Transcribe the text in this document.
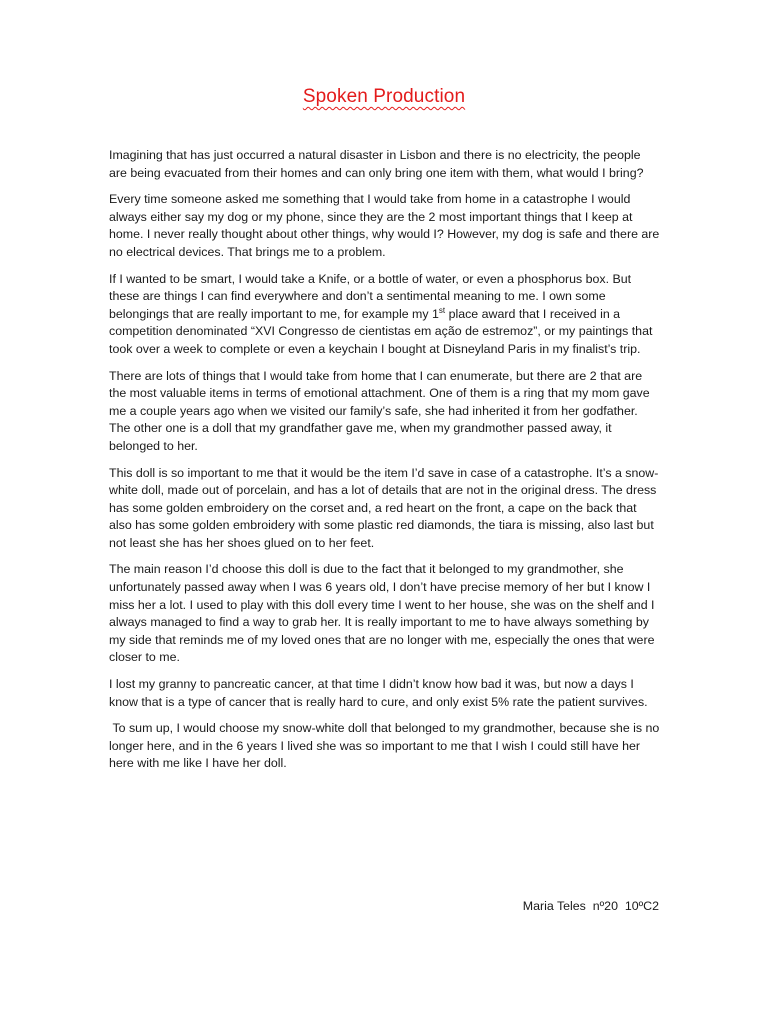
Spoken Production

Imagining that has just occurred a natural disaster in Lisbon and there is no electricity, the people are being evacuated from their homes and can only bring one item with them, what would I bring?

Every time someone asked me something that I would take from home in a catastrophe I would always either say my dog or my phone, since they are the 2 most important things that I keep at home. I never really thought about other things, why would I? However, my dog is safe and there are no electrical devices. That brings me to a problem.

If I wanted to be smart, I would take a Knife, or a bottle of water, or even a phosphorus box. But these are things I can find everywhere and don’t a sentimental meaning to me. I own some belongings that are really important to me, for example my 1st place award that I received in a competition denominated “XVI Congresso de cientistas em ação de estremoz”, or my paintings that took over a week to complete or even a keychain I bought at Disneyland Paris in my finalist’s trip.

There are lots of things that I would take from home that I can enumerate, but there are 2 that are the most valuable items in terms of emotional attachment. One of them is a ring that my mom gave me a couple years ago when we visited our family’s safe, she had inherited it from her godfather. The other one is a doll that my grandfather gave me, when my grandmother passed away, it belonged to her.

This doll is so important to me that it would be the item I’d save in case of a catastrophe. It’s a snow-white doll, made out of porcelain, and has a lot of details that are not in the original dress. The dress has some golden embroidery on the corset and, a red heart on the front, a cape on the back that also has some golden embroidery with some plastic red diamonds, the tiara is missing, also last but not least she has her shoes glued on to her feet.

The main reason I’d choose this doll is due to the fact that it belonged to my grandmother, she unfortunately passed away when I was 6 years old, I don’t have precise memory of her but I know I miss her a lot. I used to play with this doll every time I went to her house, she was on the shelf and I always managed to find a way to grab her. It is really important to me to have always something by my side that reminds me of my loved ones that are no longer with me, especially the ones that were closer to me.

I lost my granny to pancreatic cancer, at that time I didn’t know how bad it was, but now a days I know that is a type of cancer that is really hard to cure, and only exist 5% rate the patient survives.

To sum up, I would choose my snow-white doll that belonged to my grandmother, because she is no longer here, and in the 6 years I lived she was so important to me that I wish I could still have her here with me like I have her doll.

Maria Teles  nº20  10ºC2
